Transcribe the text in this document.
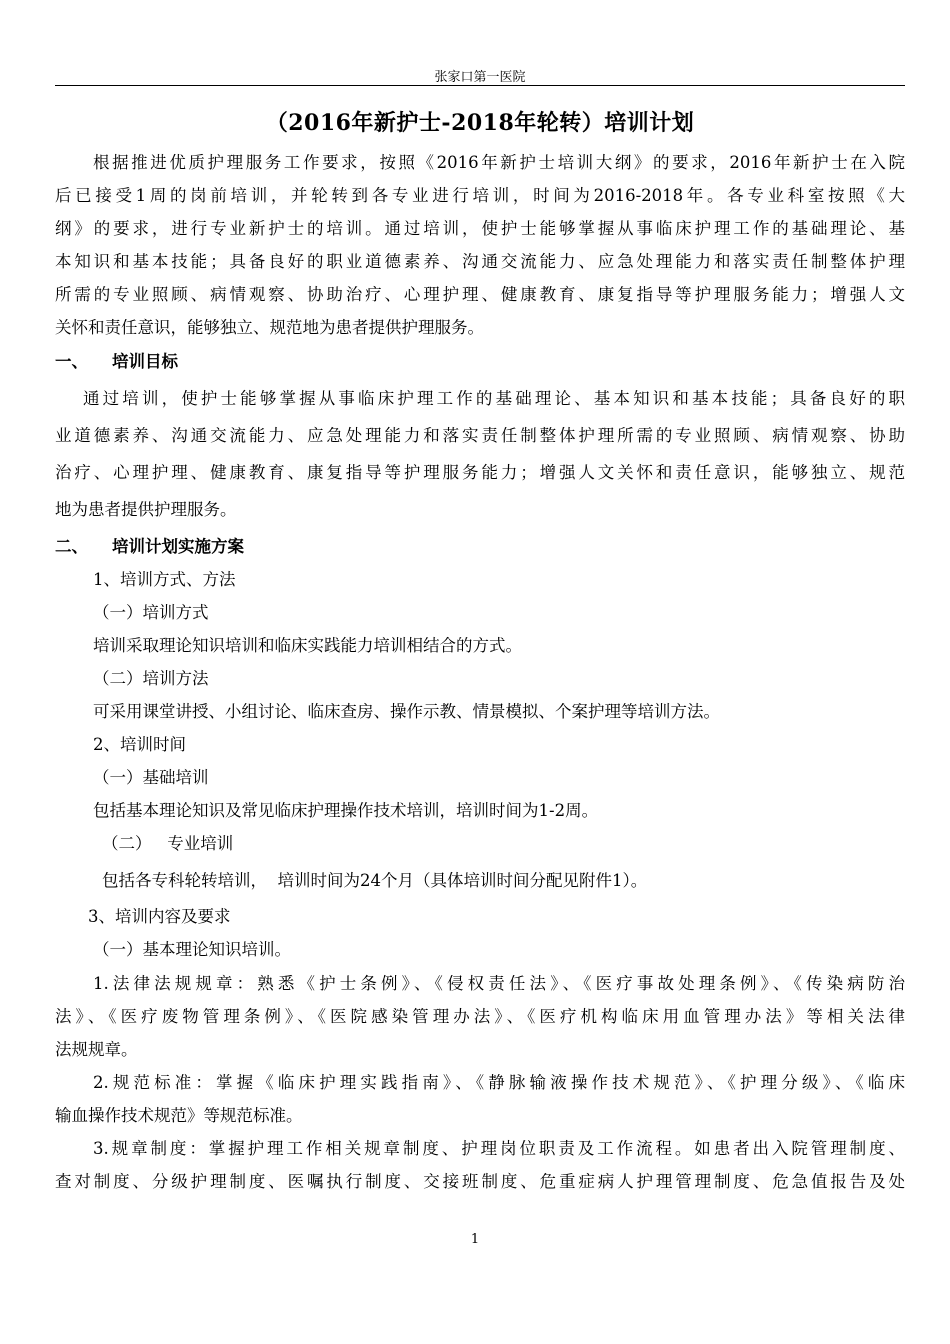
张家口第一医院
（2016年新护士-2018年轮转）培训计划
根据推进优质护理服务工作要求，按照《2016年新护士培训大纲》的要求，2016年新护士在入院
后已接受1周的岗前培训，并轮转到各专业进行培训，时间为2016-2018年。各专业科室按照《大
纲》的要求，进行专业新护士的培训。通过培训，使护士能够掌握从事临床护理工作的基础理论、基
本知识和基本技能；具备良好的职业道德素养、沟通交流能力、应急处理能力和落实责任制整体护理
所需的专业照顾、病情观察、协助治疗、心理护理、健康教育、康复指导等护理服务能力；增强人文
关怀和责任意识，能够独立、规范地为患者提供护理服务。
一、 培训目标
通过培训，使护士能够掌握从事临床护理工作的基础理论、基本知识和基本技能；具备良好的职
业道德素养、沟通交流能力、应急处理能力和落实责任制整体护理所需的专业照顾、病情观察、协助
治疗、心理护理、健康教育、康复指导等护理服务能力；增强人文关怀和责任意识，能够独立、规范
地为患者提供护理服务。
二、 培训计划实施方案
1、培训方式、方法
（一）培训方式
培训采取理论知识培训和临床实践能力培训相结合的方式。
（二）培训方法
可采用课堂讲授、小组讨论、临床查房、操作示教、情景模拟、个案护理等培训方法。
2、培训时间
（一）基础培训
包括基本理论知识及常见临床护理操作技术培训，培训时间为1-2周。
（二）   专业培训
包括各专科轮转培训，  培训时间为24个月（具体培训时间分配见附件1）。
3、培训内容及要求
（一）基本理论知识培训。
1.法律法规规章：熟悉《护士条例》、《侵权责任法》、《医疗事故处理条例》、《传染病防治
法》、《医疗废物管理条例》、《医院感染管理办法》、《医疗机构临床用血管理办法》等相关法律
法规规章。
2.规范标准：掌握《临床护理实践指南》、《静脉输液操作技术规范》、《护理分级》、《临床
输血操作技术规范》等规范标准。
3.规章制度：掌握护理工作相关规章制度、护理岗位职责及工作流程。如患者出入院管理制度、
查对制度、分级护理制度、医嘱执行制度、交接班制度、危重症病人护理管理制度、危急值报告及处
1
